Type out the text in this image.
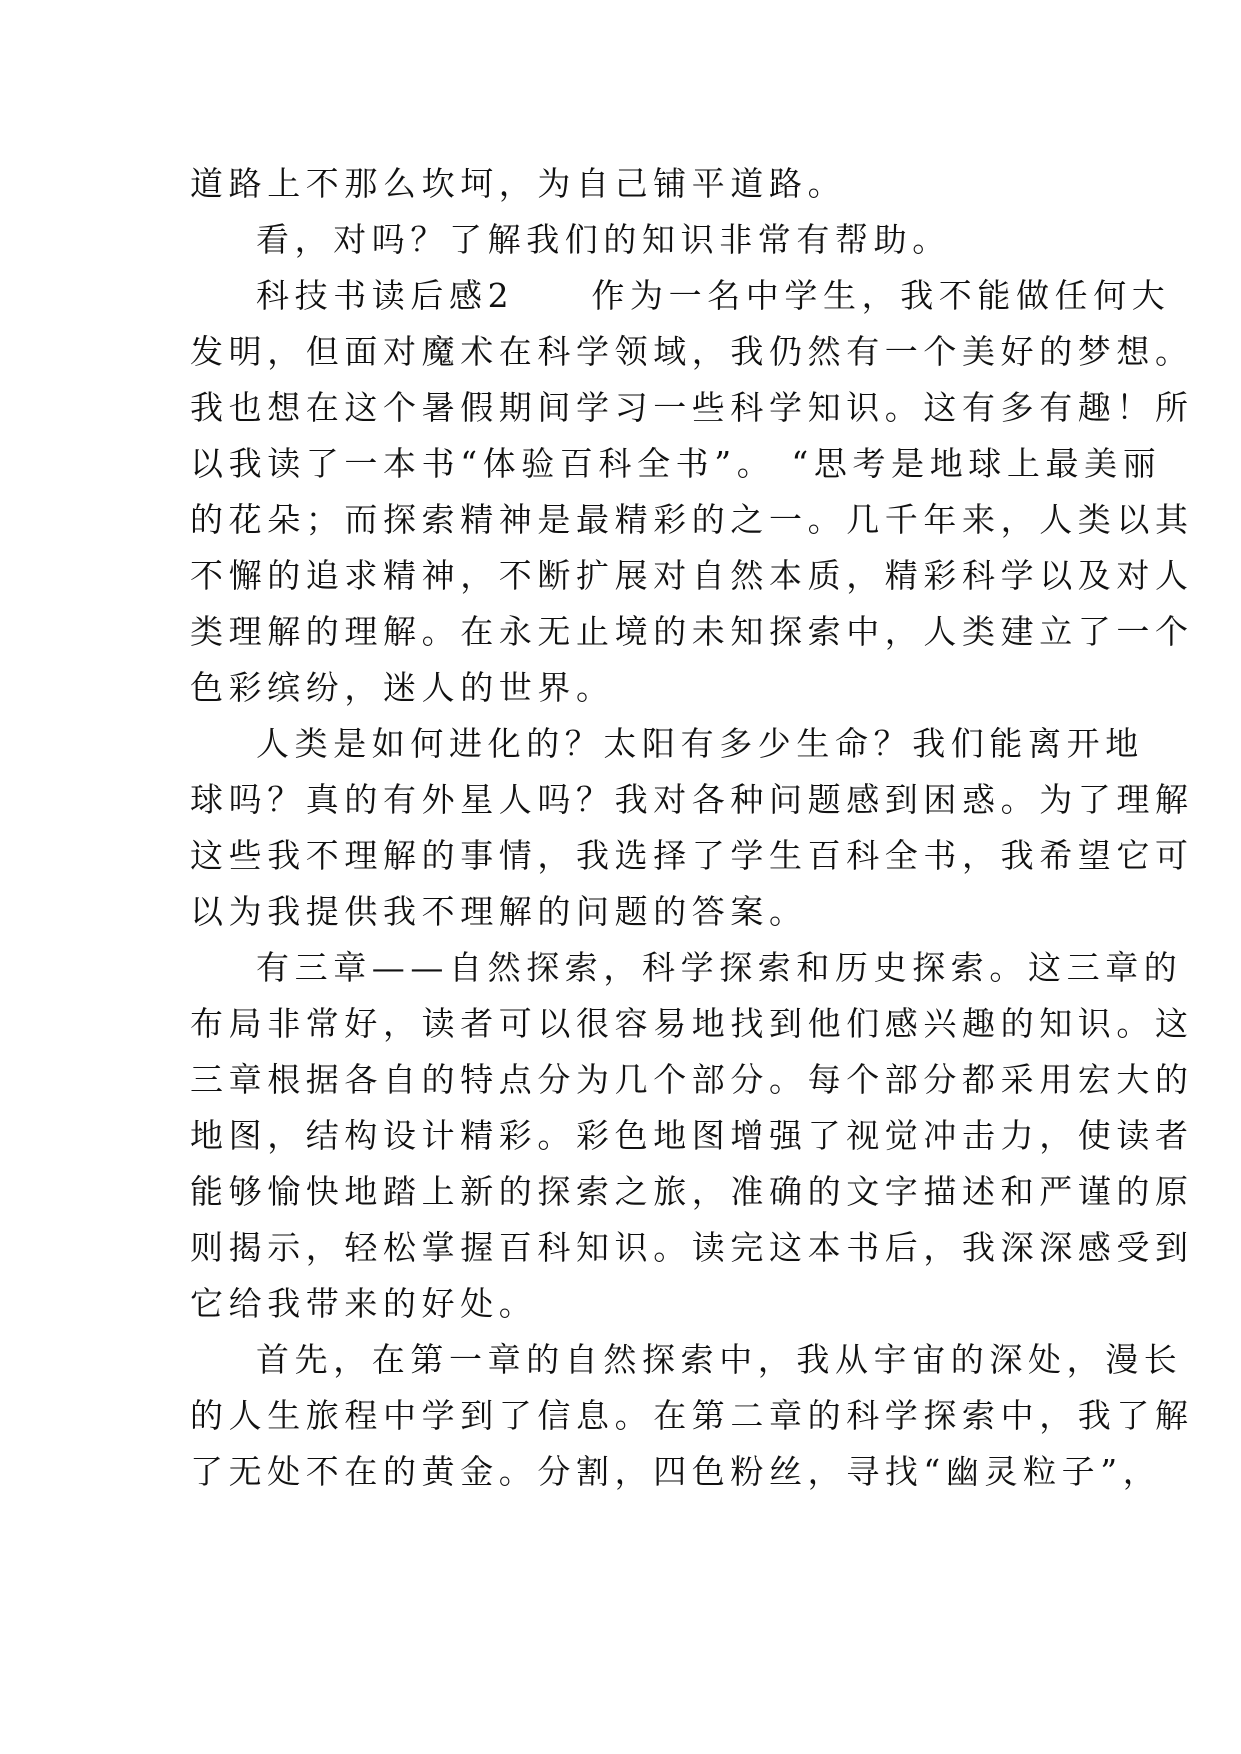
道路上不那么坎坷，为自己铺平道路。
看，对吗？了解我们的知识非常有帮助。
科技书读后感2　　作为一名中学生，我不能做任何大
发明，但面对魔术在科学领域，我仍然有一个美好的梦想。
我也想在这个暑假期间学习一些科学知识。这有多有趣！所
以我读了一本书“体验百科全书”。 “思考是地球上最美丽
的花朵；而探索精神是最精彩的之一。几千年来，人类以其
不懈的追求精神，不断扩展对自然本质，精彩科学以及对人
类理解的理解。在永无止境的未知探索中，人类建立了一个
色彩缤纷，迷人的世界。
人类是如何进化的？太阳有多少生命？我们能离开地
球吗？真的有外星人吗？我对各种问题感到困惑。为了理解
这些我不理解的事情，我选择了学生百科全书，我希望它可
以为我提供我不理解的问题的答案。
有三章——自然探索，科学探索和历史探索。这三章的
布局非常好，读者可以很容易地找到他们感兴趣的知识。这
三章根据各自的特点分为几个部分。每个部分都采用宏大的
地图，结构设计精彩。彩色地图增强了视觉冲击力，使读者
能够愉快地踏上新的探索之旅，准确的文字描述和严谨的原
则揭示，轻松掌握百科知识。读完这本书后，我深深感受到
它给我带来的好处。
首先，在第一章的自然探索中，我从宇宙的深处，漫长
的人生旅程中学到了信息。在第二章的科学探索中，我了解
了无处不在的黄金。分割，四色粉丝，寻找“幽灵粒子”，
